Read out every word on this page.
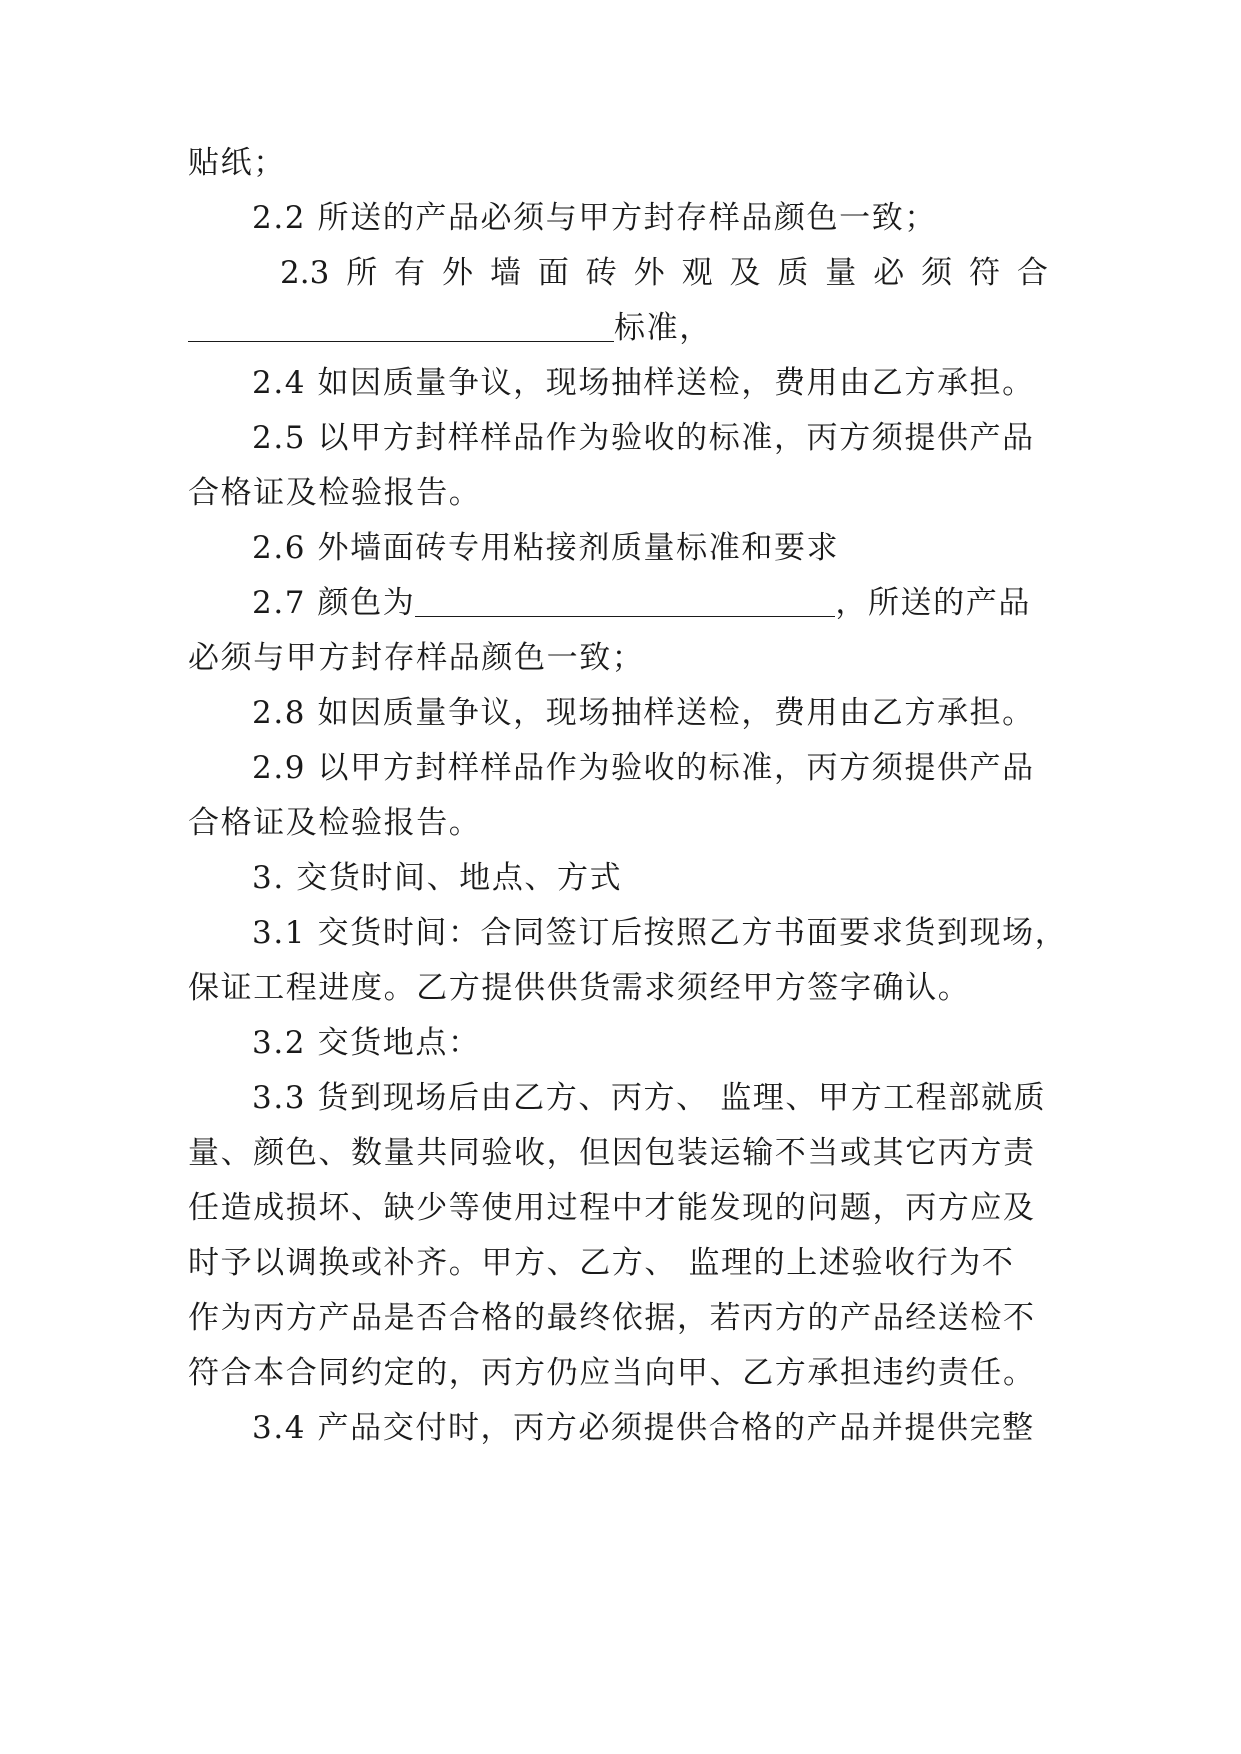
贴纸；
2.2 所送的产品必须与甲方封存样品颜色一致；
2.3 所 有 外 墙 面 砖 外 观 及 质 量 必 须 符 合
标准，
2.4 如因质量争议，现场抽样送检，费用由乙方承担。
2.5 以甲方封样样品作为验收的标准，丙方须提供产品
合格证及检验报告。
2.6 外墙面砖专用粘接剂质量标准和要求
2.7 颜色为	，所送的产品
必须与甲方封存样品颜色一致；
2.8 如因质量争议，现场抽样送检，费用由乙方承担。
2.9 以甲方封样样品作为验收的标准，丙方须提供产品
合格证及检验报告。
3. 交货时间、地点、方式
3.1 交货时间：合同签订后按照乙方书面要求货到现场，
保证工程进度。乙方提供供货需求须经甲方签字确认。
3.2 交货地点：
3.3 货到现场后由乙方、丙方、 监理、甲方工程部就质
量、颜色、数量共同验收，但因包装运输不当或其它丙方责
任造成损坏、缺少等使用过程中才能发现的问题，丙方应及
时予以调换或补齐。甲方、乙方、 监理的上述验收行为不
作为丙方产品是否合格的最终依据，若丙方的产品经送检不
符合本合同约定的，丙方仍应当向甲、乙方承担违约责任。
3.4 产品交付时，丙方必须提供合格的产品并提供完整
